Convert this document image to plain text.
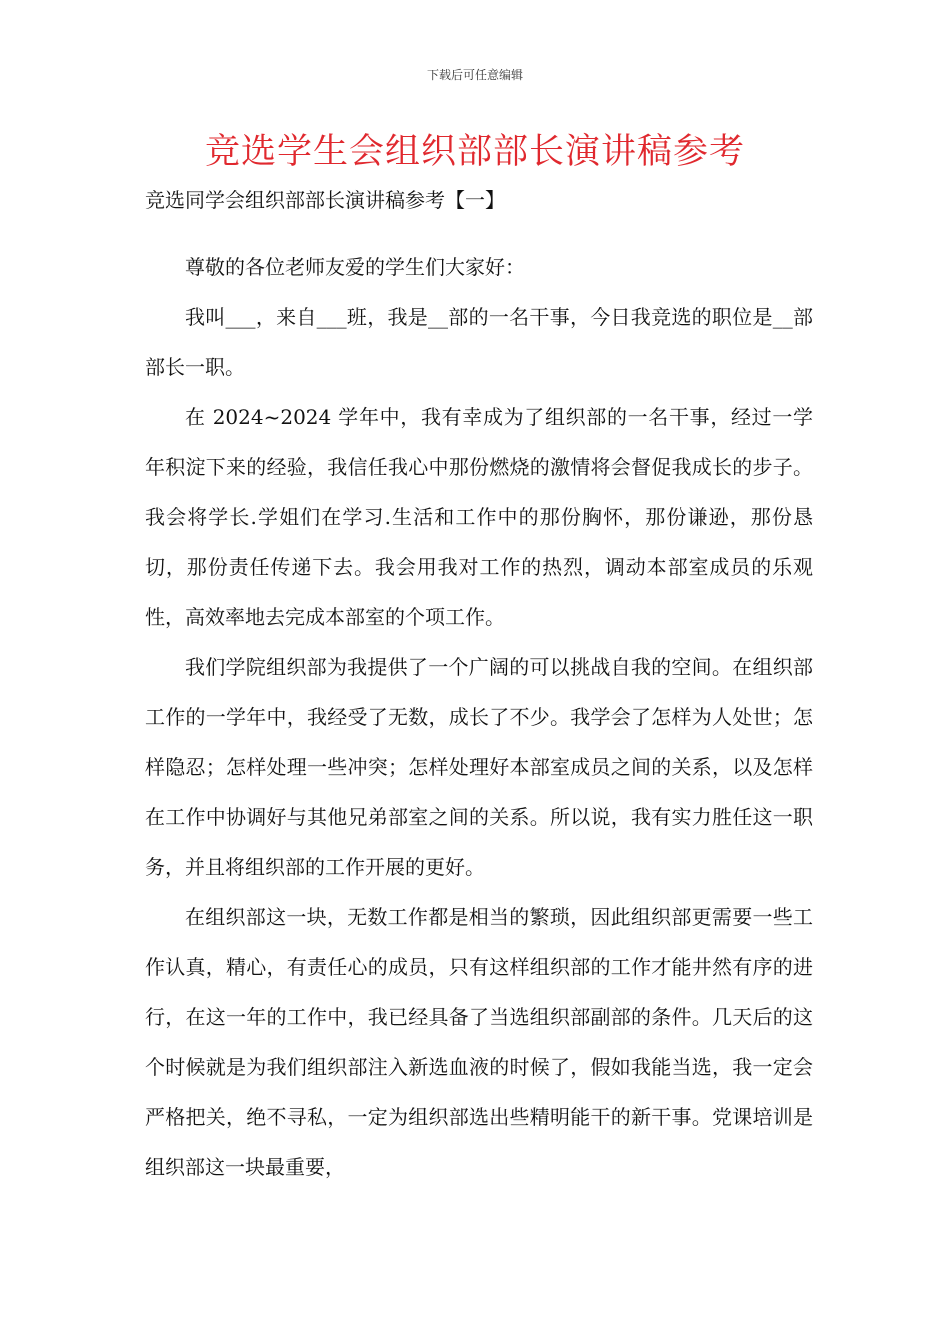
下载后可任意编辑
竞选学生会组织部部长演讲稿参考

竞选同学会组织部部长演讲稿参考【一】

尊敬的各位老师友爱的学生们大家好：

我叫___，来自___班，我是__部的一名干事，今日我竞选的职位是__部部长一职。

在 2024~2024 学年中，我有幸成为了组织部的一名干事，经过一学年积淀下来的经验，我信任我心中那份燃烧的激情将会督促我成长的步子。我会将学长.学姐们在学习.生活和工作中的那份胸怀，那份谦逊，那份恳切，那份责任传递下去。我会用我对工作的热烈，调动本部室成员的乐观性，高效率地去完成本部室的个项工作。

我们学院组织部为我提供了一个广阔的可以挑战自我的空间。在组织部工作的一学年中，我经受了无数，成长了不少。我学会了怎样为人处世；怎样隐忍；怎样处理一些冲突；怎样处理好本部室成员之间的关系，以及怎样在工作中协调好与其他兄弟部室之间的关系。所以说，我有实力胜任这一职务，并且将组织部的工作开展的更好。

在组织部这一块，无数工作都是相当的繁琐，因此组织部更需要一些工作认真，精心，有责任心的成员，只有这样组织部的工作才能井然有序的进行，在这一年的工作中，我已经具备了当选组织部副部的条件。几天后的这个时候就是为我们组织部注入新选血液的时候了，假如我能当选，我一定会严格把关，绝不寻私，一定为组织部选出些精明能干的新干事。党课培训是组织部这一块最重要，
